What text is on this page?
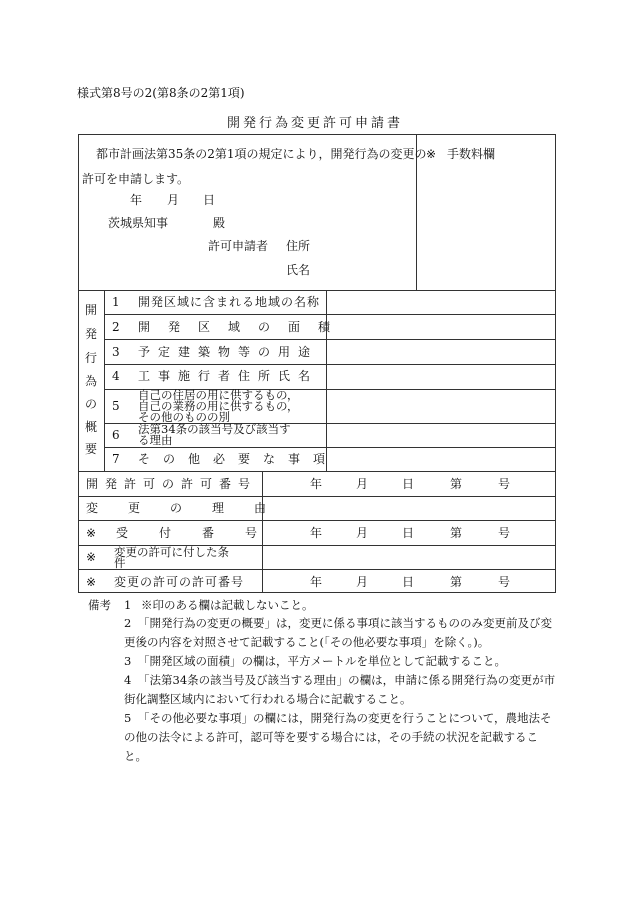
様式第8号の2(第8条の2第1項)
開発行為変更許可申請書
都市計画法第35条の2第1項の規定により，開発行為の変更の
許可を申請します。
年 月 日
茨城県知事	殿
許可申請者 住所
氏名
※ 手数料欄
開
発
行
為
の
概
要
1 開発区域に含まれる地域の名称
2 開発区域の面積
3 予定建築物等の用途
4 工事施行者住所氏名
5
自己の住居の用に供するもの，
自己の業務の用に供するもの，
その他のものの別
6 法第34条の該当号及び該当す
る理由
7 その他必要な事項
開発許可の許可番号	年	月	日	第	号
変更の理由
※ 受付番号 年	月	日	第	号
※ 変更の許可に付した条
件
※ 変更の許可の許可番号	年	月	日	第	号
備考 1 ※印のある欄は記載しないこと。
2 「開発行為の変更の概要」は，変更に係る事項に該当するもののみ変更前及び変
更後の内容を対照させて記載すること(「その他必要な事項」を除く。)。
3 「開発区域の面積」の欄は，平方メートルを単位として記載すること。
4 「法第34条の該当号及び該当する理由」の欄は，申請に係る開発行為の変更が市
街化調整区域内において行われる場合に記載すること。
5 「その他必要な事項」の欄には，開発行為の変更を行うことについて，農地法そ
の他の法令による許可，認可等を要する場合には，その手続の状況を記載するこ
と。
